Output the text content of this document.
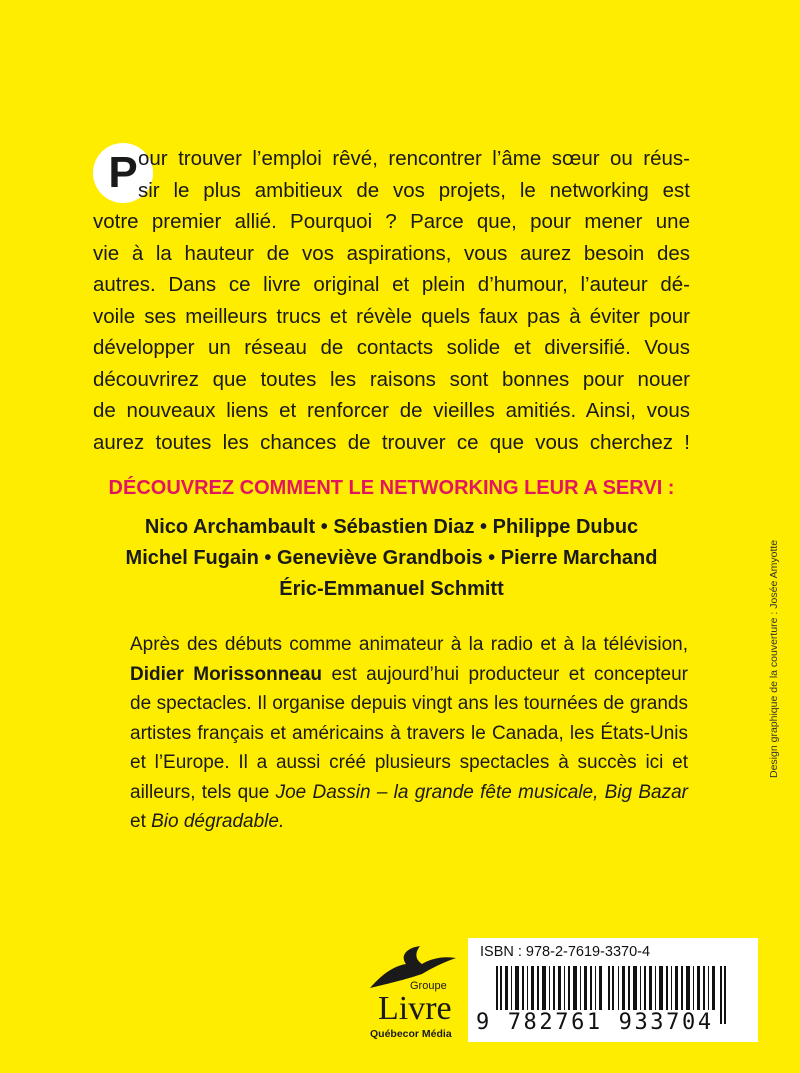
P our trouver l’emploi rêvé, rencontrer l’âme sœur ou réus-
sir le plus ambitieux de vos projets, le networking est
votre premier allié. Pourquoi ? Parce que, pour mener une
vie à la hauteur de vos aspirations, vous aurez besoin des
autres. Dans ce livre original et plein d’humour, l’auteur dé-
voile ses meilleurs trucs et révèle quels faux pas à éviter pour
développer un réseau de contacts solide et diversifié. Vous
découvrirez que toutes les raisons sont bonnes pour nouer
de nouveaux liens et renforcer de vieilles amitiés. Ainsi, vous
aurez toutes les chances de trouver ce que vous cherchez !
DÉCOUVREZ COMMENT LE NETWORKING LEUR A SERVI :
Nico Archambault • Sébastien Diaz • Philippe Dubuc
Michel Fugain • Geneviève Grandbois • Pierre Marchand
Éric-Emmanuel Schmitt
Après des débuts comme animateur à la radio et à la télévision,
Didier Morissonneau est aujourd’hui producteur et concepteur
de spectacles. Il organise depuis vingt ans les tournées de grands
artistes français et américains à travers le Canada, les États-Unis
et l’Europe. Il a aussi créé plusieurs spectacles à succès ici et
ailleurs, tels que Joe Dassin – la grande fête musicale, Big Bazar
et Bio dégradable.
Design graphique de la couverture : Josée Amyotte
Groupe
Livre
Québecor Média
ISBN : 978-2-7619-3370-4
9 782761 933704
